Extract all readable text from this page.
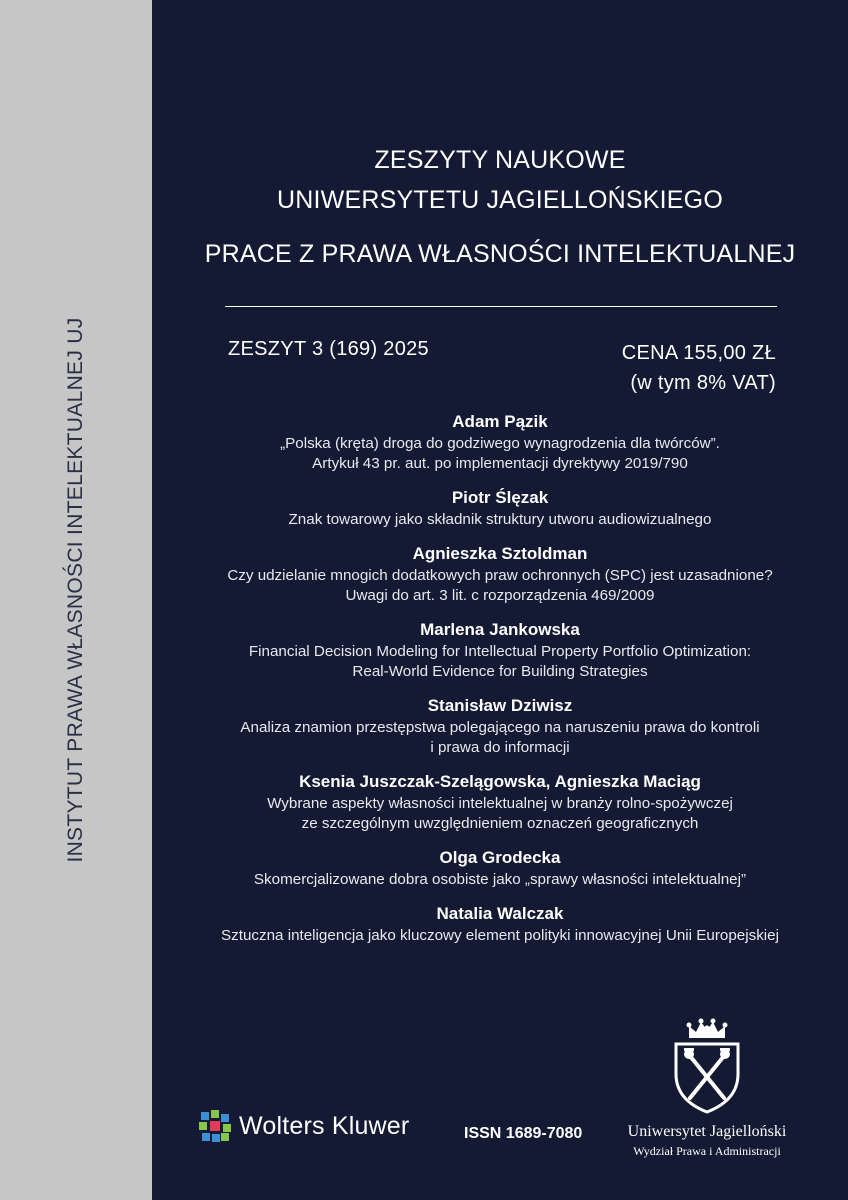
INSTYTUT PRAWA WŁASNOŚCI INTELEKTUALNEJ UJ
ZESZYTY NAUKOWE
UNIWERSYTETU JAGIELLOŃSKIEGO
PRACE Z PRAWA WŁASNOŚCI INTELEKTUALNEJ
ZESZYT 3 (169) 2025	CENA 155,00 ZŁ
(w tym 8% VAT)
Adam Pązik
„Polska (kręta) droga do godziwego wynagrodzenia dla twórców”.
Artykuł 43 pr. aut. po implementacji dyrektywy 2019/790
Piotr Ślęzak
Znak towarowy jako składnik struktury utworu audiowizualnego
Agnieszka Sztoldman
Czy udzielanie mnogich dodatkowych praw ochronnych (SPC) jest uzasadnione?
Uwagi do art. 3 lit. c rozporządzenia 469/2009
Marlena Jankowska
Financial Decision Modeling for Intellectual Property Portfolio Optimization:
Real-World Evidence for Building Strategies
Stanisław Dziwisz
Analiza znamion przestępstwa polegającego na naruszeniu prawa do kontroli
i prawa do informacji
Ksenia Juszczak-Szelągowska, Agnieszka Maciąg
Wybrane aspekty własności intelektualnej w branży rolno-spożywczej
ze szczególnym uwzględnieniem oznaczeń geograficznych
Olga Grodecka
Skomercjalizowane dobra osobiste jako „sprawy własności intelektualnej”
Natalia Walczak
Sztuczna inteligencja jako kluczowy element polityki innowacyjnej Unii Europejskiej
Wolters Kluwer	ISSN 1689-7080	Uniwersytet Jagielloński
Wydział Prawa i Administracji
